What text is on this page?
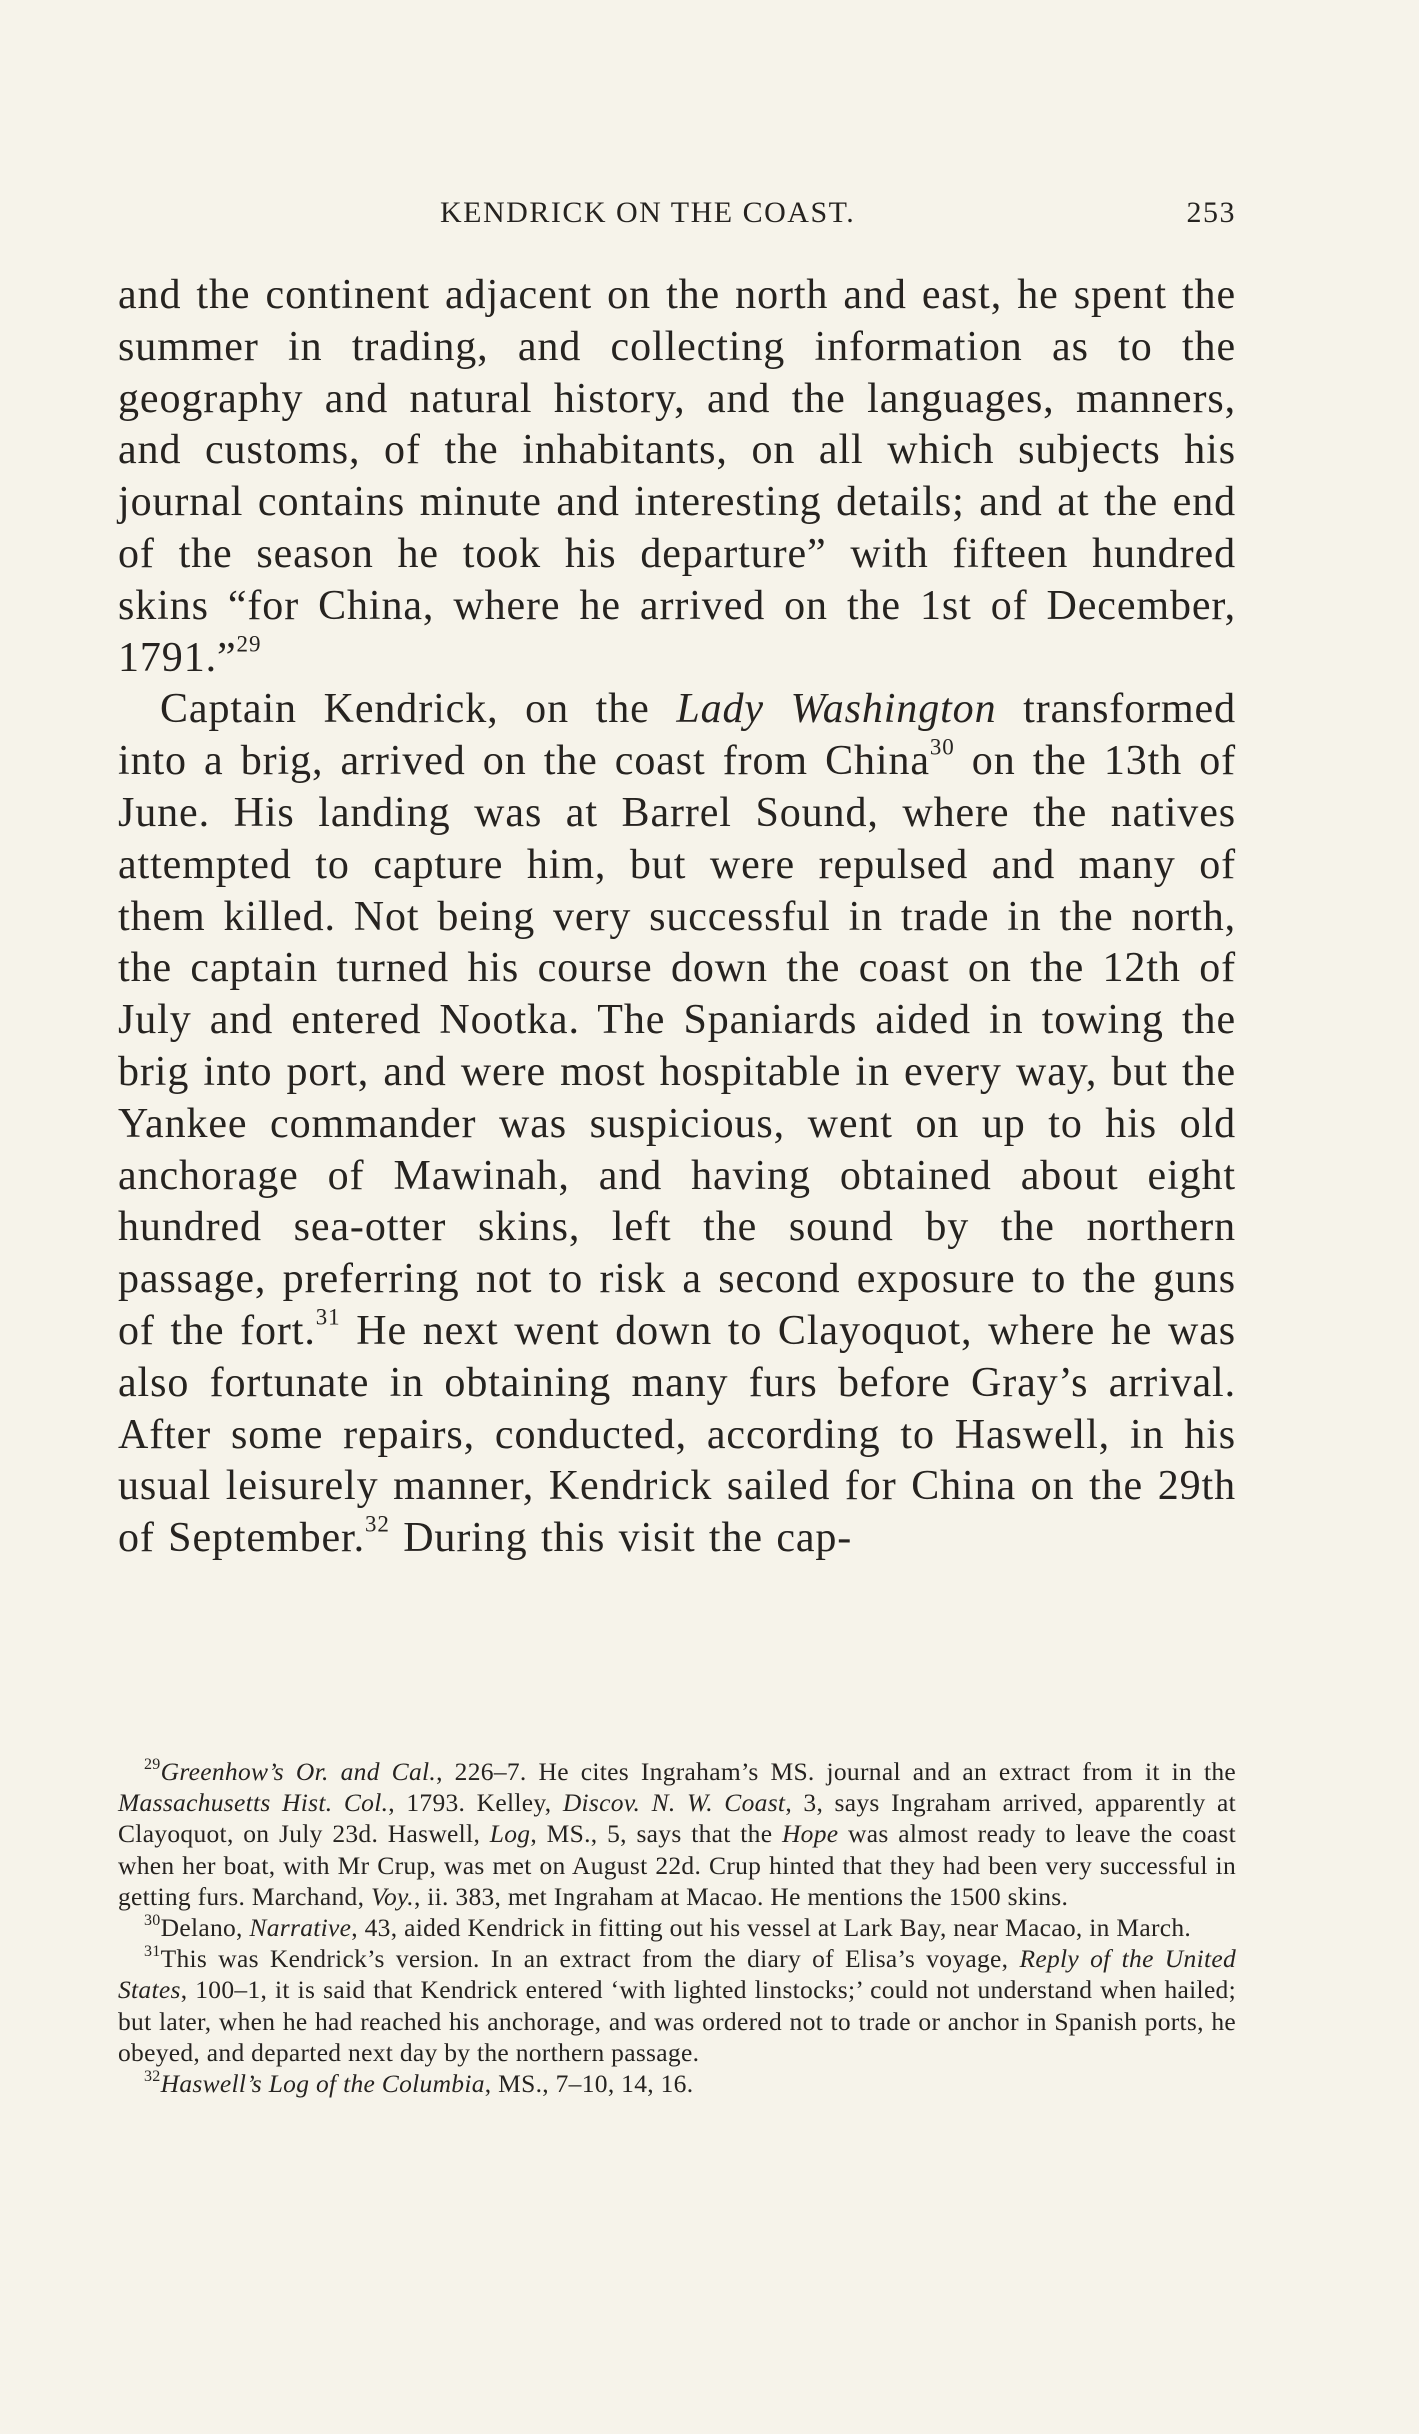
KENDRICK ON THE COAST.	253

and the continent adjacent on the north and east, he spent the summer in trading, and collecting information as to the geography and natural history, and the languages, manners, and customs, of the inhabitants, on all which subjects his journal contains minute and interesting details; and at the end of the season he took his departure” with fifteen hundred skins “for China, where he arrived on the 1st of December, 1791.”$^{29}$

Captain Kendrick, on the Lady Washington transformed into a brig, arrived on the coast from China$^{30}$ on the 13th of June. His landing was at Barrel Sound, where the natives attempted to capture him, but were repulsed and many of them killed. Not being very successful in trade in the north, the captain turned his course down the coast on the 12th of July and entered Nootka. The Spaniards aided in towing the brig into port, and were most hospitable in every way, but the Yankee commander was suspicious, went on up to his old anchorage of Mawinah, and having obtained about eight hundred sea-otter skins, left the sound by the northern passage, preferring not to risk a second exposure to the guns of the fort.$^{31}$ He next went down to Clayoquot, where he was also fortunate in obtaining many furs before Gray’s arrival. After some repairs, conducted, according to Haswell, in his usual leisurely manner, Kendrick sailed for China on the 29th of September.$^{32}$ During this visit the cap-

$^{29}$Greenhow’s Or. and Cal., 226–7. He cites Ingraham’s MS. journal and an extract from it in the Massachusetts Hist. Col., 1793. Kelley, Discov. N. W. Coast, 3, says Ingraham arrived, apparently at Clayoquot, on July 23d. Haswell, Log, MS., 5, says that the Hope was almost ready to leave the coast when her boat, with Mr Crup, was met on August 22d. Crup hinted that they had been very successful in getting furs. Marchand, Voy., ii. 383, met Ingraham at Macao. He mentions the 1500 skins.

$^{30}$Delano, Narrative, 43, aided Kendrick in fitting out his vessel at Lark Bay, near Macao, in March.

$^{31}$This was Kendrick’s version. In an extract from the diary of Elisa’s voyage, Reply of the United States, 100–1, it is said that Kendrick entered ‘with lighted linstocks;’ could not understand when hailed; but later, when he had reached his anchorage, and was ordered not to trade or anchor in Spanish ports, he obeyed, and departed next day by the northern passage.

$^{32}$Haswell’s Log of the Columbia, MS., 7–10, 14, 16.
